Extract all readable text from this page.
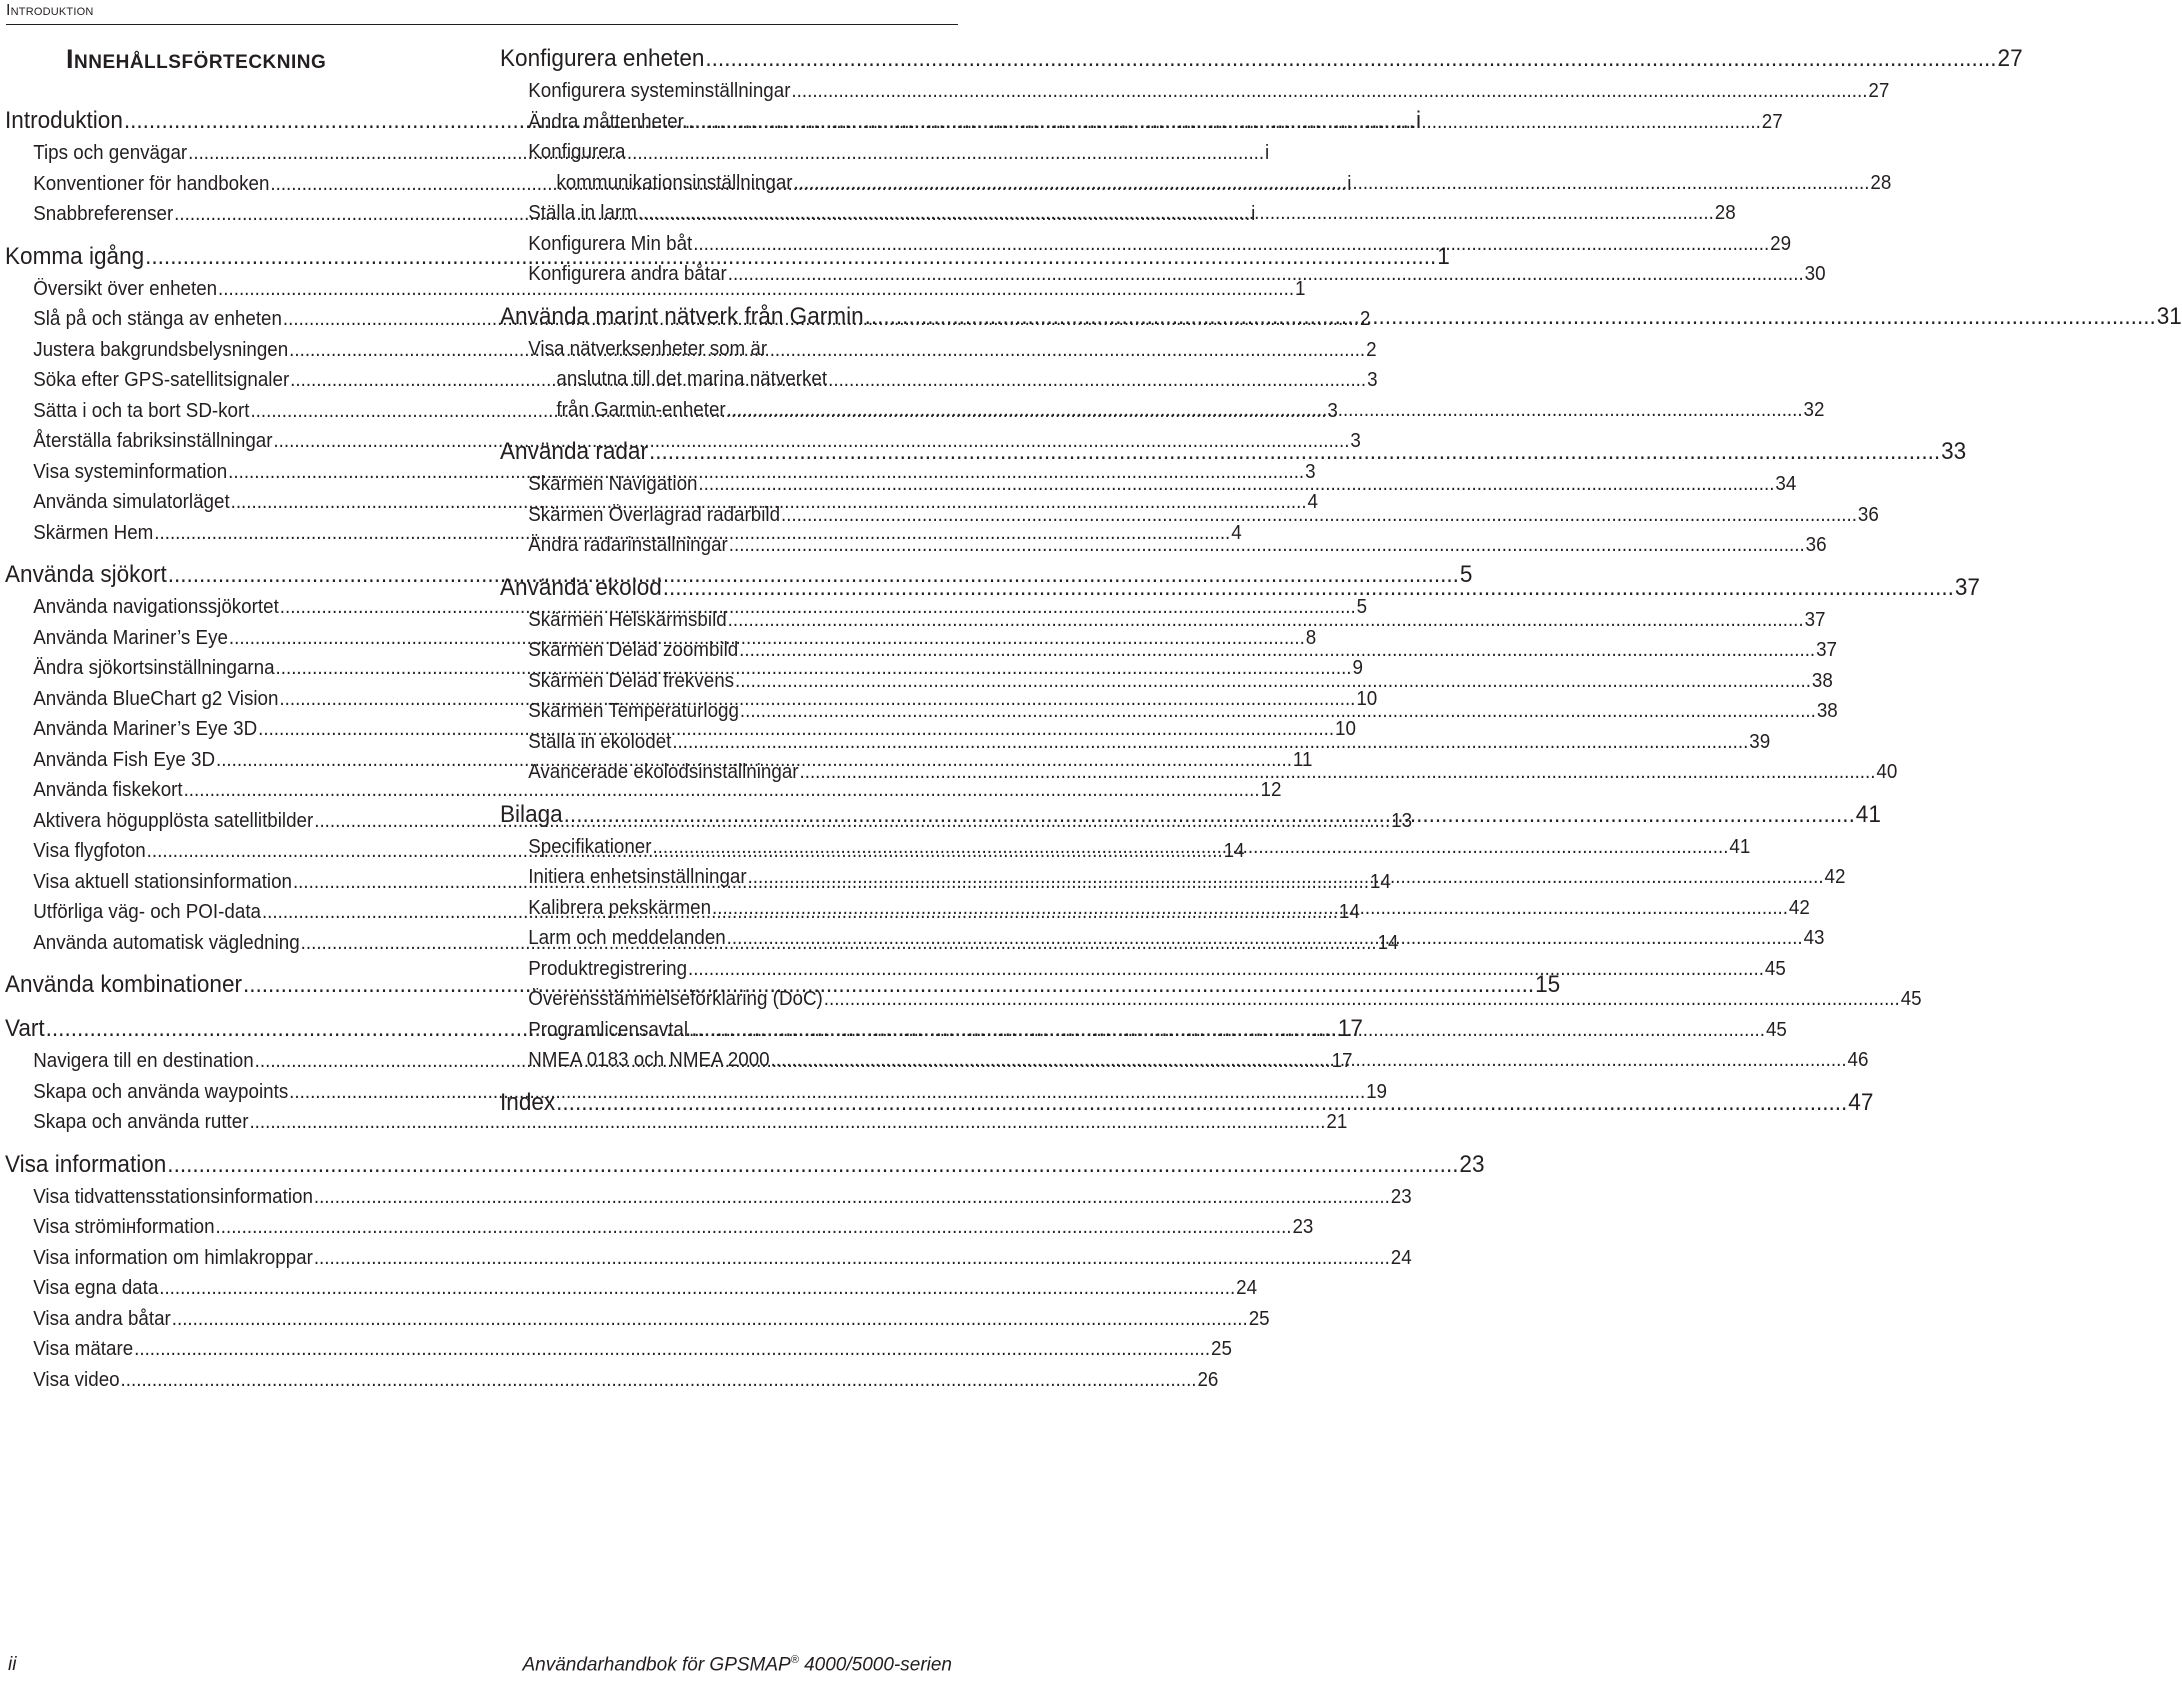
Introduktion
Innehållsförteckning
Introduktion .....	i
Tips och genvägar .....	i
Konventioner för handboken .....	i
Snabbreferenser .....	i
Komma igång .....	1
Översikt över enheten .....	1
Slå på och stänga av enheten .....	2
Justera bakgrundsbelysningen .....	2
Söka efter GPS-satellitsignaler .....	3
Sätta i och ta bort SD-kort .....	3
Återställa fabriksinställningar .....	3
Visa systeminformation .....	3
Använda simulatorläget .....	4
Skärmen Hem .....	4
Använda sjökort .....	5
Använda navigationssjökortet .....	5
Använda Mariner’s Eye .....	8
Ändra sjökortsinställningarna .....	9
Använda BlueChart g2 Vision .....	10
Använda Mariner’s Eye 3D .....	10
Använda Fish Eye 3D .....	11
Använda fiskekort .....	12
Aktivera högupplösta satellitbilder .....	13
Visa flygfoton .....	14
Visa aktuell stationsinformation .....	14
Utförliga väg- och POI-data .....	14
Använda automatisk vägledning .....	14
Använda kombinationer .....	15
Vart .....	17
Navigera till en destination .....	17
Skapa och använda waypoints .....	19
Skapa och använda rutter .....	21
Visa information .....	23
Visa tidvattensstationsinformation .....	23
Visa strömінformation .....	23
Visa information om himlakroppar .....	24
Visa egna data .....	24
Visa andra båtar .....	25
Visa mätare .....	25
Visa video .....	26
Konfigurera enheten .....	27
Konfigurera systeminställningar .....	27
Ändra måttenheter .....	27
Konfigurera
kommunikationsinställningar .....	28
Ställa in larm .....	28
Konfigurera Min båt .....	29
Konfigurera andra båtar .....	30
Använda marint nätverk från Garmin .....	31
Visa nätverksenheter som är
anslutna till det marina nätverket
från Garmin-enheter .....	32
Använda radar .....	33
Skärmen Navigation .....	34
Skärmen Överlagrad radarbild .....	36
Ändra radarinställningar .....	36
Använda ekolod .....	37
Skärmen Helskärmsbild .....	37
Skärmen Delad zoombild .....	37
Skärmen Delad frekvens .....	38
Skärmen Temperaturlogg .....	38
Ställa in ekolodet .....	39
Avancerade ekolodsinställningar .....	40
Bilaga .....	41
Specifikationer .....	41
Initiera enhetsinställningar .....	42
Kalibrera pekskärmen .....	42
Larm och meddelanden .....	43
Produktregistrering .....	45
Överensstämmelseförklaring (DoC) .....	45
Programlicensavtal .....	45
NMEA 0183 och NMEA 2000 .....	46
Index .....	47
ii	Användarhandbok för GPSMAP® 4000/5000-serien
